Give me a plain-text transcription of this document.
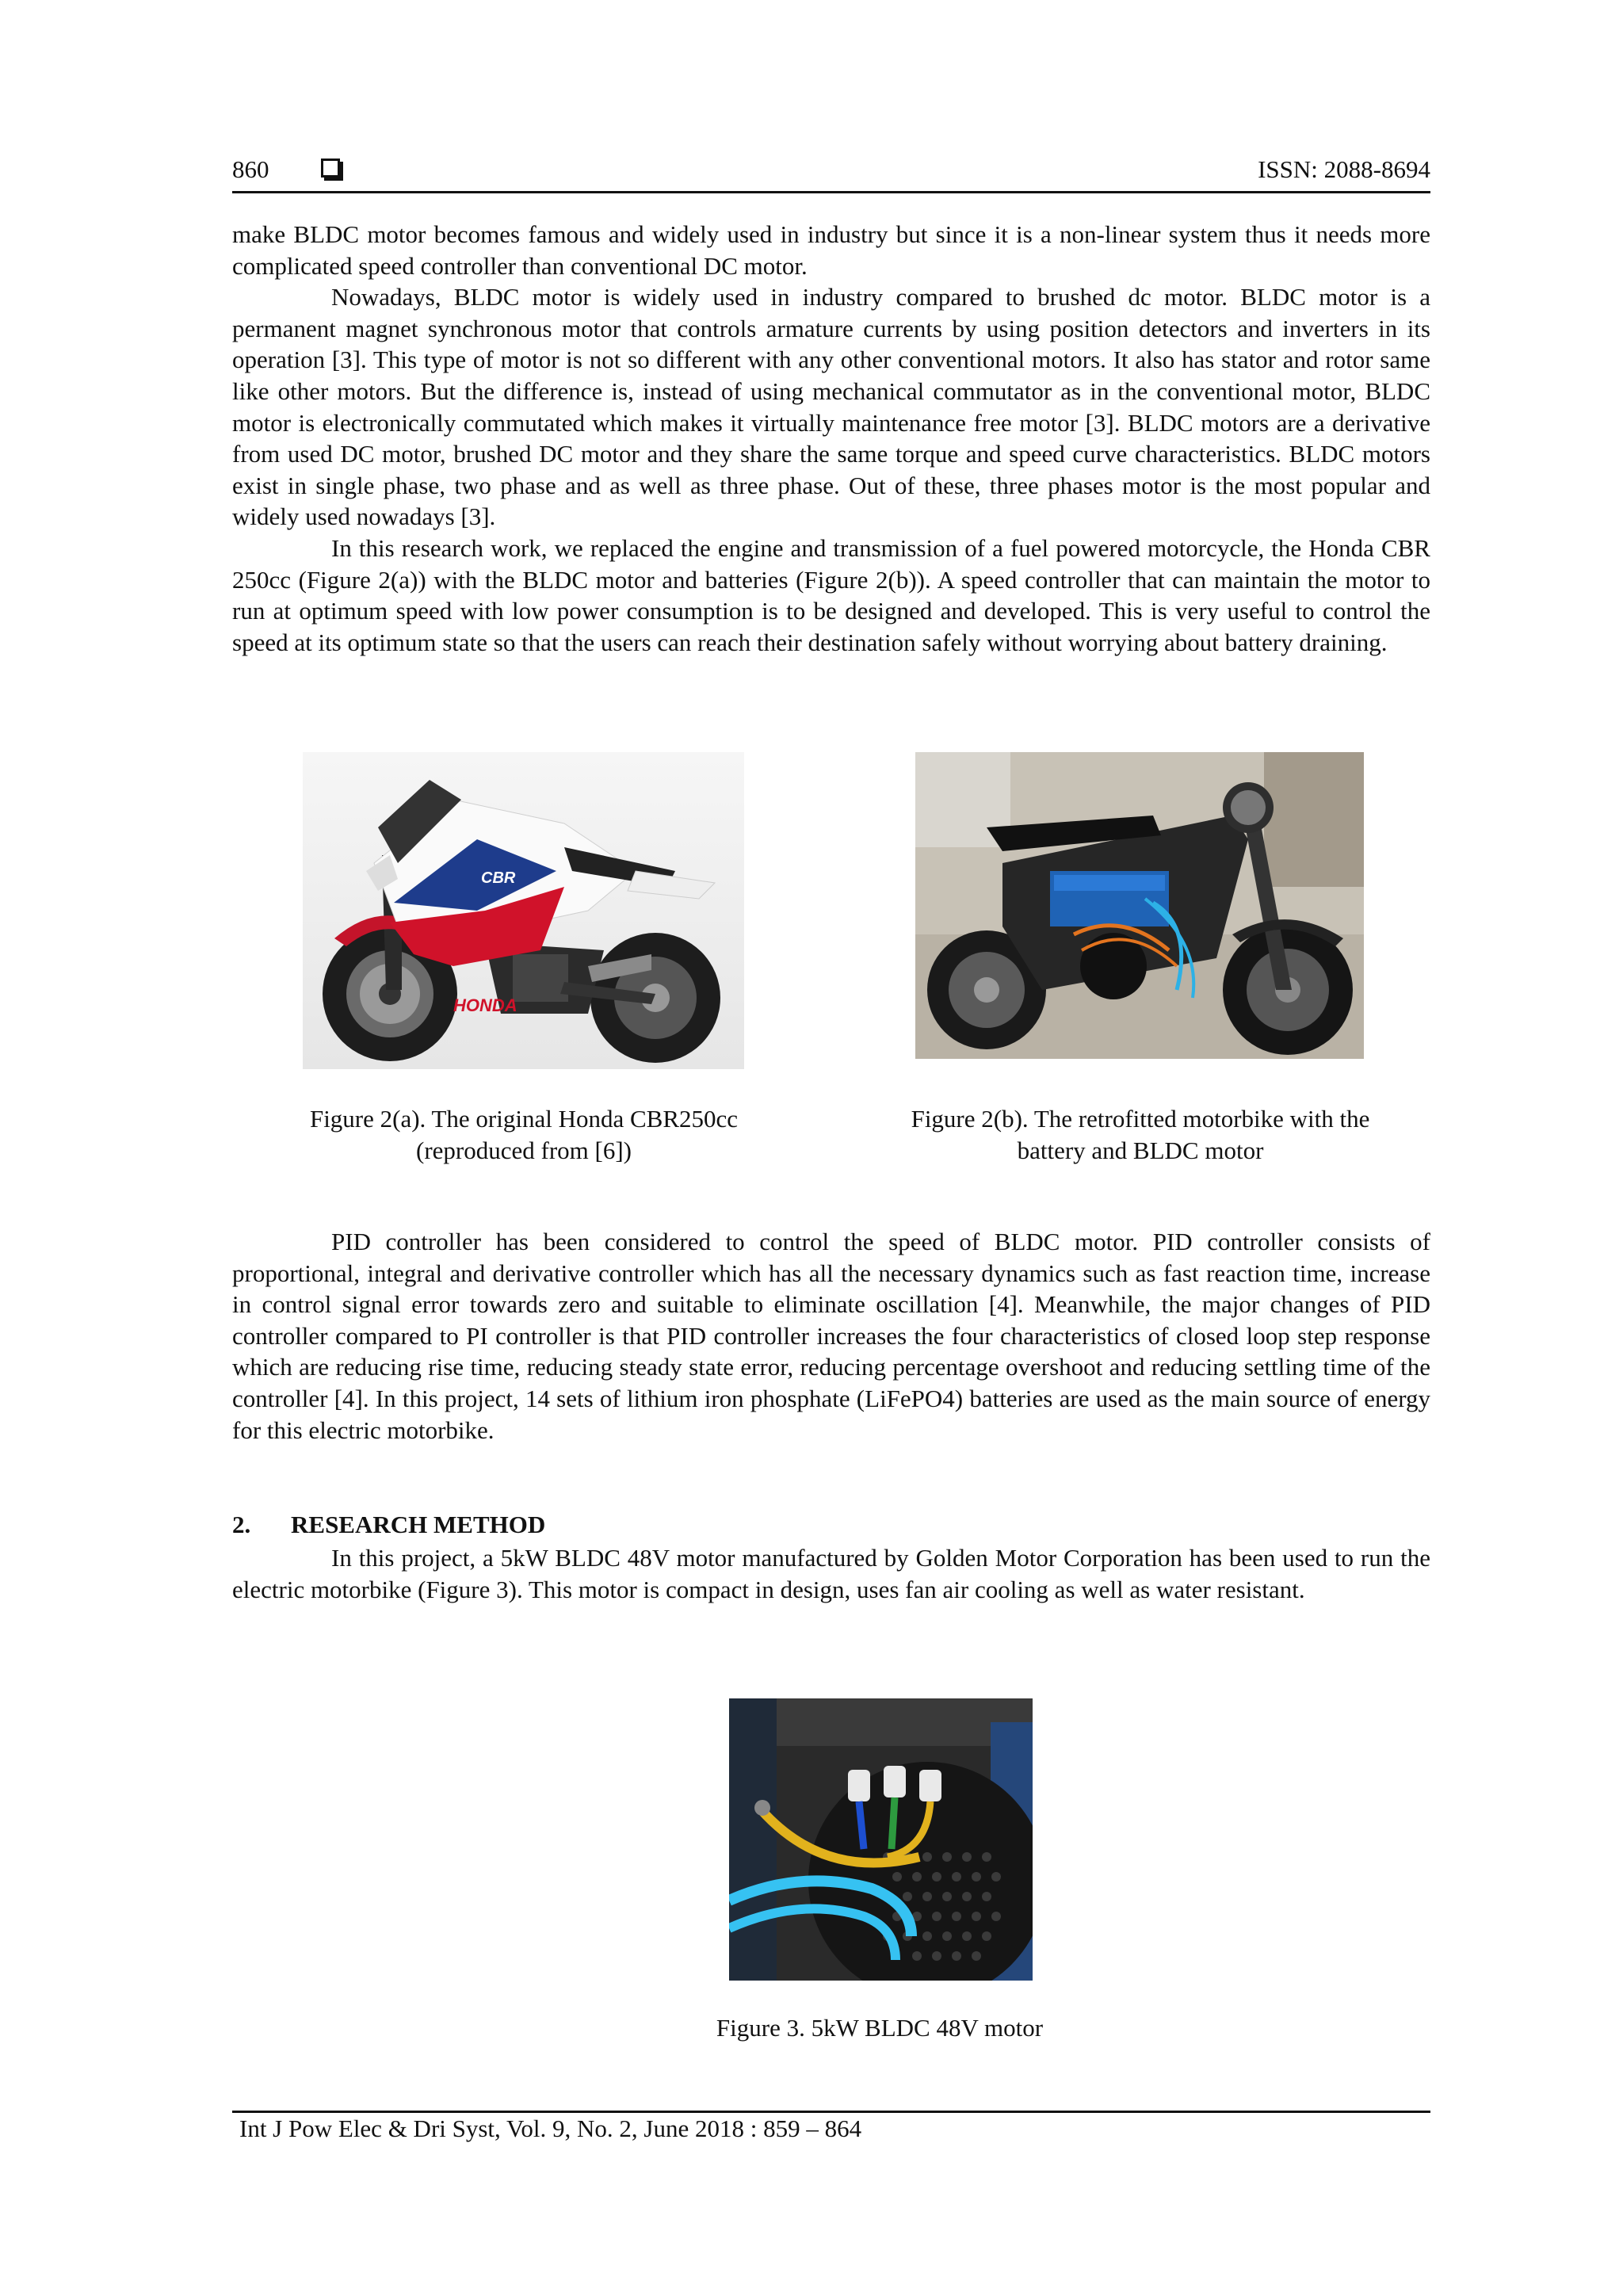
860	ISSN: 2088-8694

make BLDC motor becomes famous and widely used in industry but since it is a non-linear system thus it needs more complicated speed controller than conventional DC motor.

Nowadays, BLDC motor is widely used in industry compared to brushed dc motor. BLDC motor is a permanent magnet synchronous motor that controls armature currents by using position detectors and inverters in its operation [3]. This type of motor is not so different with any other conventional motors. It also has stator and rotor same like other motors. But the difference is, instead of using mechanical commutator as in the conventional motor, BLDC motor is electronically commutated which makes it virtually maintenance free motor [3]. BLDC motors are a derivative from used DC motor, brushed DC motor and they share the same torque and speed curve characteristics. BLDC motors exist in single phase, two phase and as well as three phase. Out of these, three phases motor is the most popular and widely used nowadays [3].

In this research work, we replaced the engine and transmission of a fuel powered motorcycle, the Honda CBR 250cc (Figure 2(a)) with the BLDC motor and batteries (Figure 2(b)). A speed controller that can maintain the motor to run at optimum speed with low power consumption is to be designed and developed. This is very useful to control the speed at its optimum state so that the users can reach their destination safely without worrying about battery draining.

HONDA
CBR
Figure 2(a). The original Honda CBR250cc
(reproduced from [6])
Figure 2(b). The retrofitted motorbike with the
battery and BLDC motor

PID controller has been considered to control the speed of BLDC motor. PID controller consists of proportional, integral and derivative controller which has all the necessary dynamics such as fast reaction time, increase in control signal error towards zero and suitable to eliminate oscillation [4]. Meanwhile, the major changes of PID controller compared to PI controller is that PID controller increases the four characteristics of closed loop step response which are reducing rise time, reducing steady state error, reducing percentage overshoot and reducing settling time of the controller [4]. In this project, 14 sets of lithium iron phosphate (LiFePO4) batteries are used as the main source of energy for this electric motorbike.

2. RESEARCH METHOD

In this project, a 5kW BLDC 48V motor manufactured by Golden Motor Corporation has been used to run the electric motorbike (Figure 3). This motor is compact in design, uses fan air cooling as well as water resistant.

Figure 3. 5kW BLDC 48V motor
Int J Pow Elec & Dri Syst, Vol. 9, No. 2, June 2018 : 859 – 864
